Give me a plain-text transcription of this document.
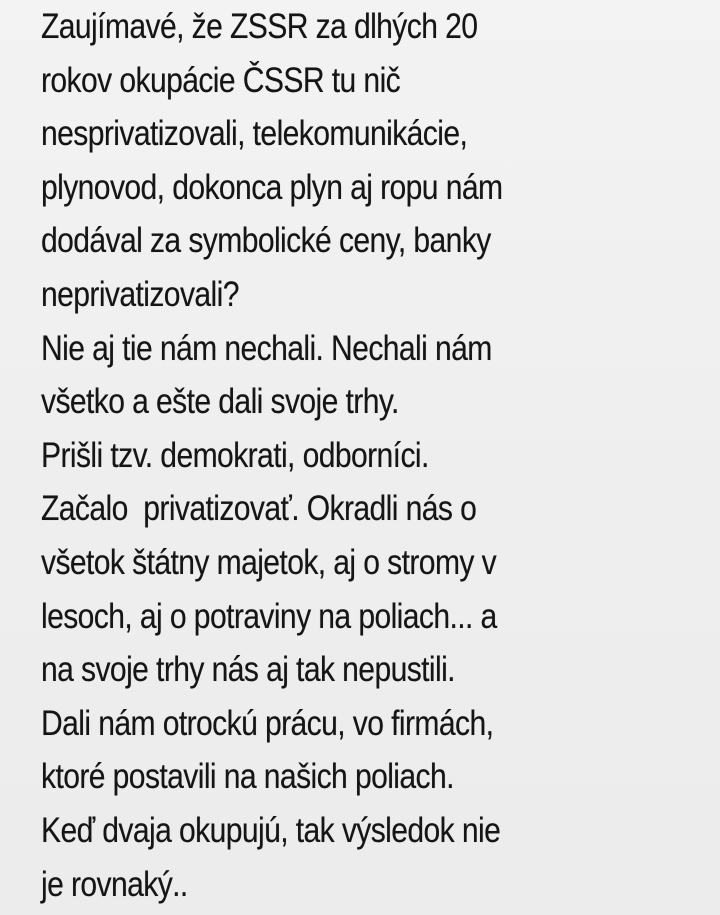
Zaujímavé, že ZSSR za dlhých 20
rokov okupácie ČSSR tu nič
nesprivatizovali, telekomunikácie,
plynovod, dokonca plyn aj ropu nám
dodával za symbolické ceny, banky
neprivatizovali?
Nie aj tie nám nechali. Nechali nám
všetko a ešte dali svoje trhy.
Prišli tzv. demokrati, odborníci.
Začalo  privatizovať. Okradli nás o
všetok štátny majetok, aj o stromy v
lesoch, aj o potraviny na poliach... a
na svoje trhy nás aj tak nepustili.
Dali nám otrockú prácu, vo firmách,
ktoré postavili na našich poliach.
Keď dvaja okupujú, tak výsledok nie
je rovnaký..
